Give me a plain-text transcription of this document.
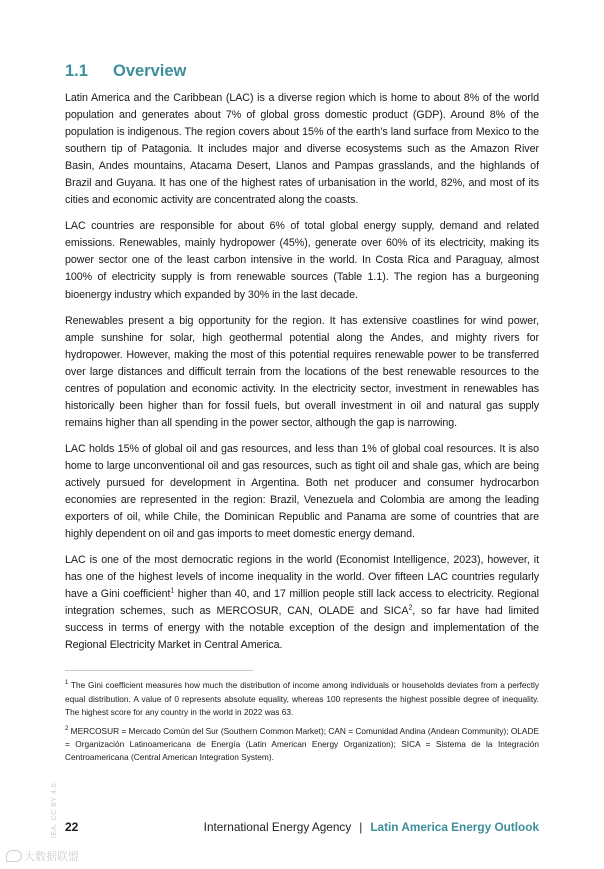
1.1	Overview

Latin America and the Caribbean (LAC) is a diverse region which is home to about 8% of the world population and generates about 7% of global gross domestic product (GDP). Around 8% of the population is indigenous. The region covers about 15% of the earth’s land surface from Mexico to the southern tip of Patagonia. It includes major and diverse ecosystems such as the Amazon River Basin, Andes mountains, Atacama Desert, Llanos and Pampas grasslands, and the highlands of Brazil and Guyana. It has one of the highest rates of urbanisation in the world, 82%, and most of its cities and economic activity are concentrated along the coasts.

LAC countries are responsible for about 6% of total global energy supply, demand and related emissions. Renewables, mainly hydropower (45%), generate over 60% of its electricity, making its power sector one of the least carbon intensive in the world. In Costa Rica and Paraguay, almost 100% of electricity supply is from renewable sources (Table 1.1). The region has a burgeoning bioenergy industry which expanded by 30% in the last decade.

Renewables present a big opportunity for the region. It has extensive coastlines for wind power, ample sunshine for solar, high geothermal potential along the Andes, and mighty rivers for hydropower. However, making the most of this potential requires renewable power to be transferred over large distances and difficult terrain from the locations of the best renewable resources to the centres of population and economic activity. In the electricity sector, investment in renewables has historically been higher than for fossil fuels, but overall investment in oil and natural gas supply remains higher than all spending in the power sector, although the gap is narrowing.

LAC holds 15% of global oil and gas resources, and less than 1% of global coal resources. It is also home to large unconventional oil and gas resources, such as tight oil and shale gas, which are being actively pursued for development in Argentina. Both net producer and consumer hydrocarbon economies are represented in the region: Brazil, Venezuela and Colombia are among the leading exporters of oil, while Chile, the Dominican Republic and Panama are some of countries that are highly dependent on oil and gas imports to meet domestic energy demand.

LAC is one of the most democratic regions in the world (Economist Intelligence, 2023), however, it has one of the highest levels of income inequality in the world. Over fifteen LAC countries regularly have a Gini coefficient$^1$ higher than 40, and 17 million people still lack access to electricity. Regional integration schemes, such as MERCOSUR, CAN, OLADE and SICA$^2$, so far have had limited success in terms of energy with the notable exception of the design and implementation of the Regional Electricity Market in Central America.

$^1$ The Gini coefficient measures how much the distribution of income among individuals or households deviates from a perfectly equal distribution. A value of 0 represents absolute equality, whereas 100 represents the highest possible degree of inequality. The highest score for any country in the world in 2022 was 63.

$^2$ MERCOSUR = Mercado Común del Sur (Southern Common Market); CAN = Comunidad Andina (Andean Community); OLADE = Organización Latinoamericana de Energía (Latin American Energy Organization); SICA = Sistema de la Integración Centroamericana (Central American Integration System).

IEA. CC BY 4.0. 22	International Energy Agency | Latin America Energy Outlook
大数据联盟
